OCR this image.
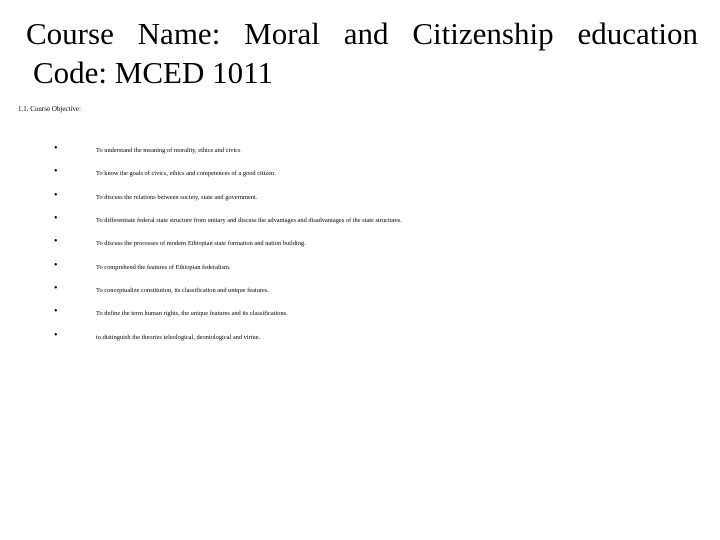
Course Name: Moral and Citizenship education
Code: MCED 1011
1.1. Course Objective:
•	To understand the meaning of morality, ethics and civics
•	To know the goals of civics, ethics and competences of a good citizen.
•	To discuss the relations between society, state and government.
•	To differentiate federal state structure from unitary and discuss the advantages and disadvantages of the state structures.
•	To discuss the processes of modern Ethiopian state formation and nation building.
•	To comprehend the features of Ethiopian federalism.
•	To conceptualize constitution, its classification and unique features.
•	To define the term human rights, the unique features and its classifications.
•	to distinguish the theories teleological, deontological and virtue.
